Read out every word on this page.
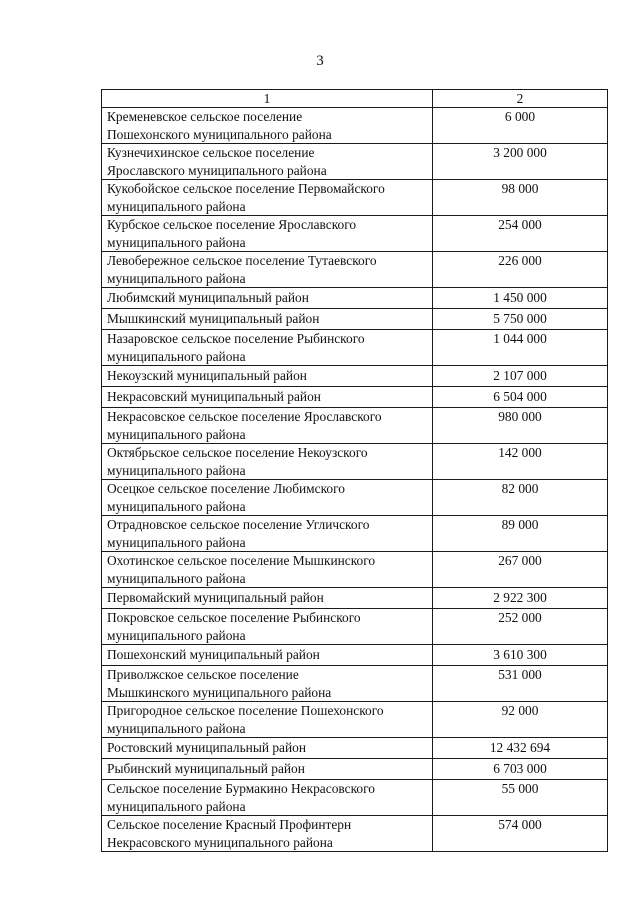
3
1	2
Кременевское сельское поселение
Пошехонского муниципального района	6 000
Кузнечихинское сельское поселение
Ярославского муниципального района	3 200 000
Кукобойское сельское поселение Первомайского
муниципального района	98 000
Курбское сельское поселение Ярославского
муниципального района	254 000
Левобережное сельское поселение Тутаевского
муниципального района	226 000
Любимский муниципальный район	1 450 000
Мышкинский муниципальный район	5 750 000
Назаровское сельское поселение Рыбинского
муниципального района	1 044 000
Некоузский муниципальный район	2 107 000
Некрасовский муниципальный район	6 504 000
Некрасовское сельское поселение Ярославского
муниципального района	980 000
Октябрьское сельское поселение Некоузского
муниципального района	142 000
Осецкое сельское поселение Любимского
муниципального района	82 000
Отрадновское сельское поселение Угличского
муниципального района	89 000
Охотинское сельское поселение Мышкинского
муниципального района	267 000
Первомайский муниципальный район	2 922 300
Покровское сельское поселение Рыбинского
муниципального района	252 000
Пошехонский муниципальный район	3 610 300
Приволжское сельское поселение
Мышкинского муниципального района	531 000
Пригородное сельское поселение Пошехонского
муниципального района	92 000
Ростовский муниципальный район	12 432 694
Рыбинский муниципальный район	6 703 000
Сельское поселение Бурмакино Некрасовского
муниципального района	55 000
Сельское поселение Красный Профинтерн
Некрасовского муниципального района	574 000
